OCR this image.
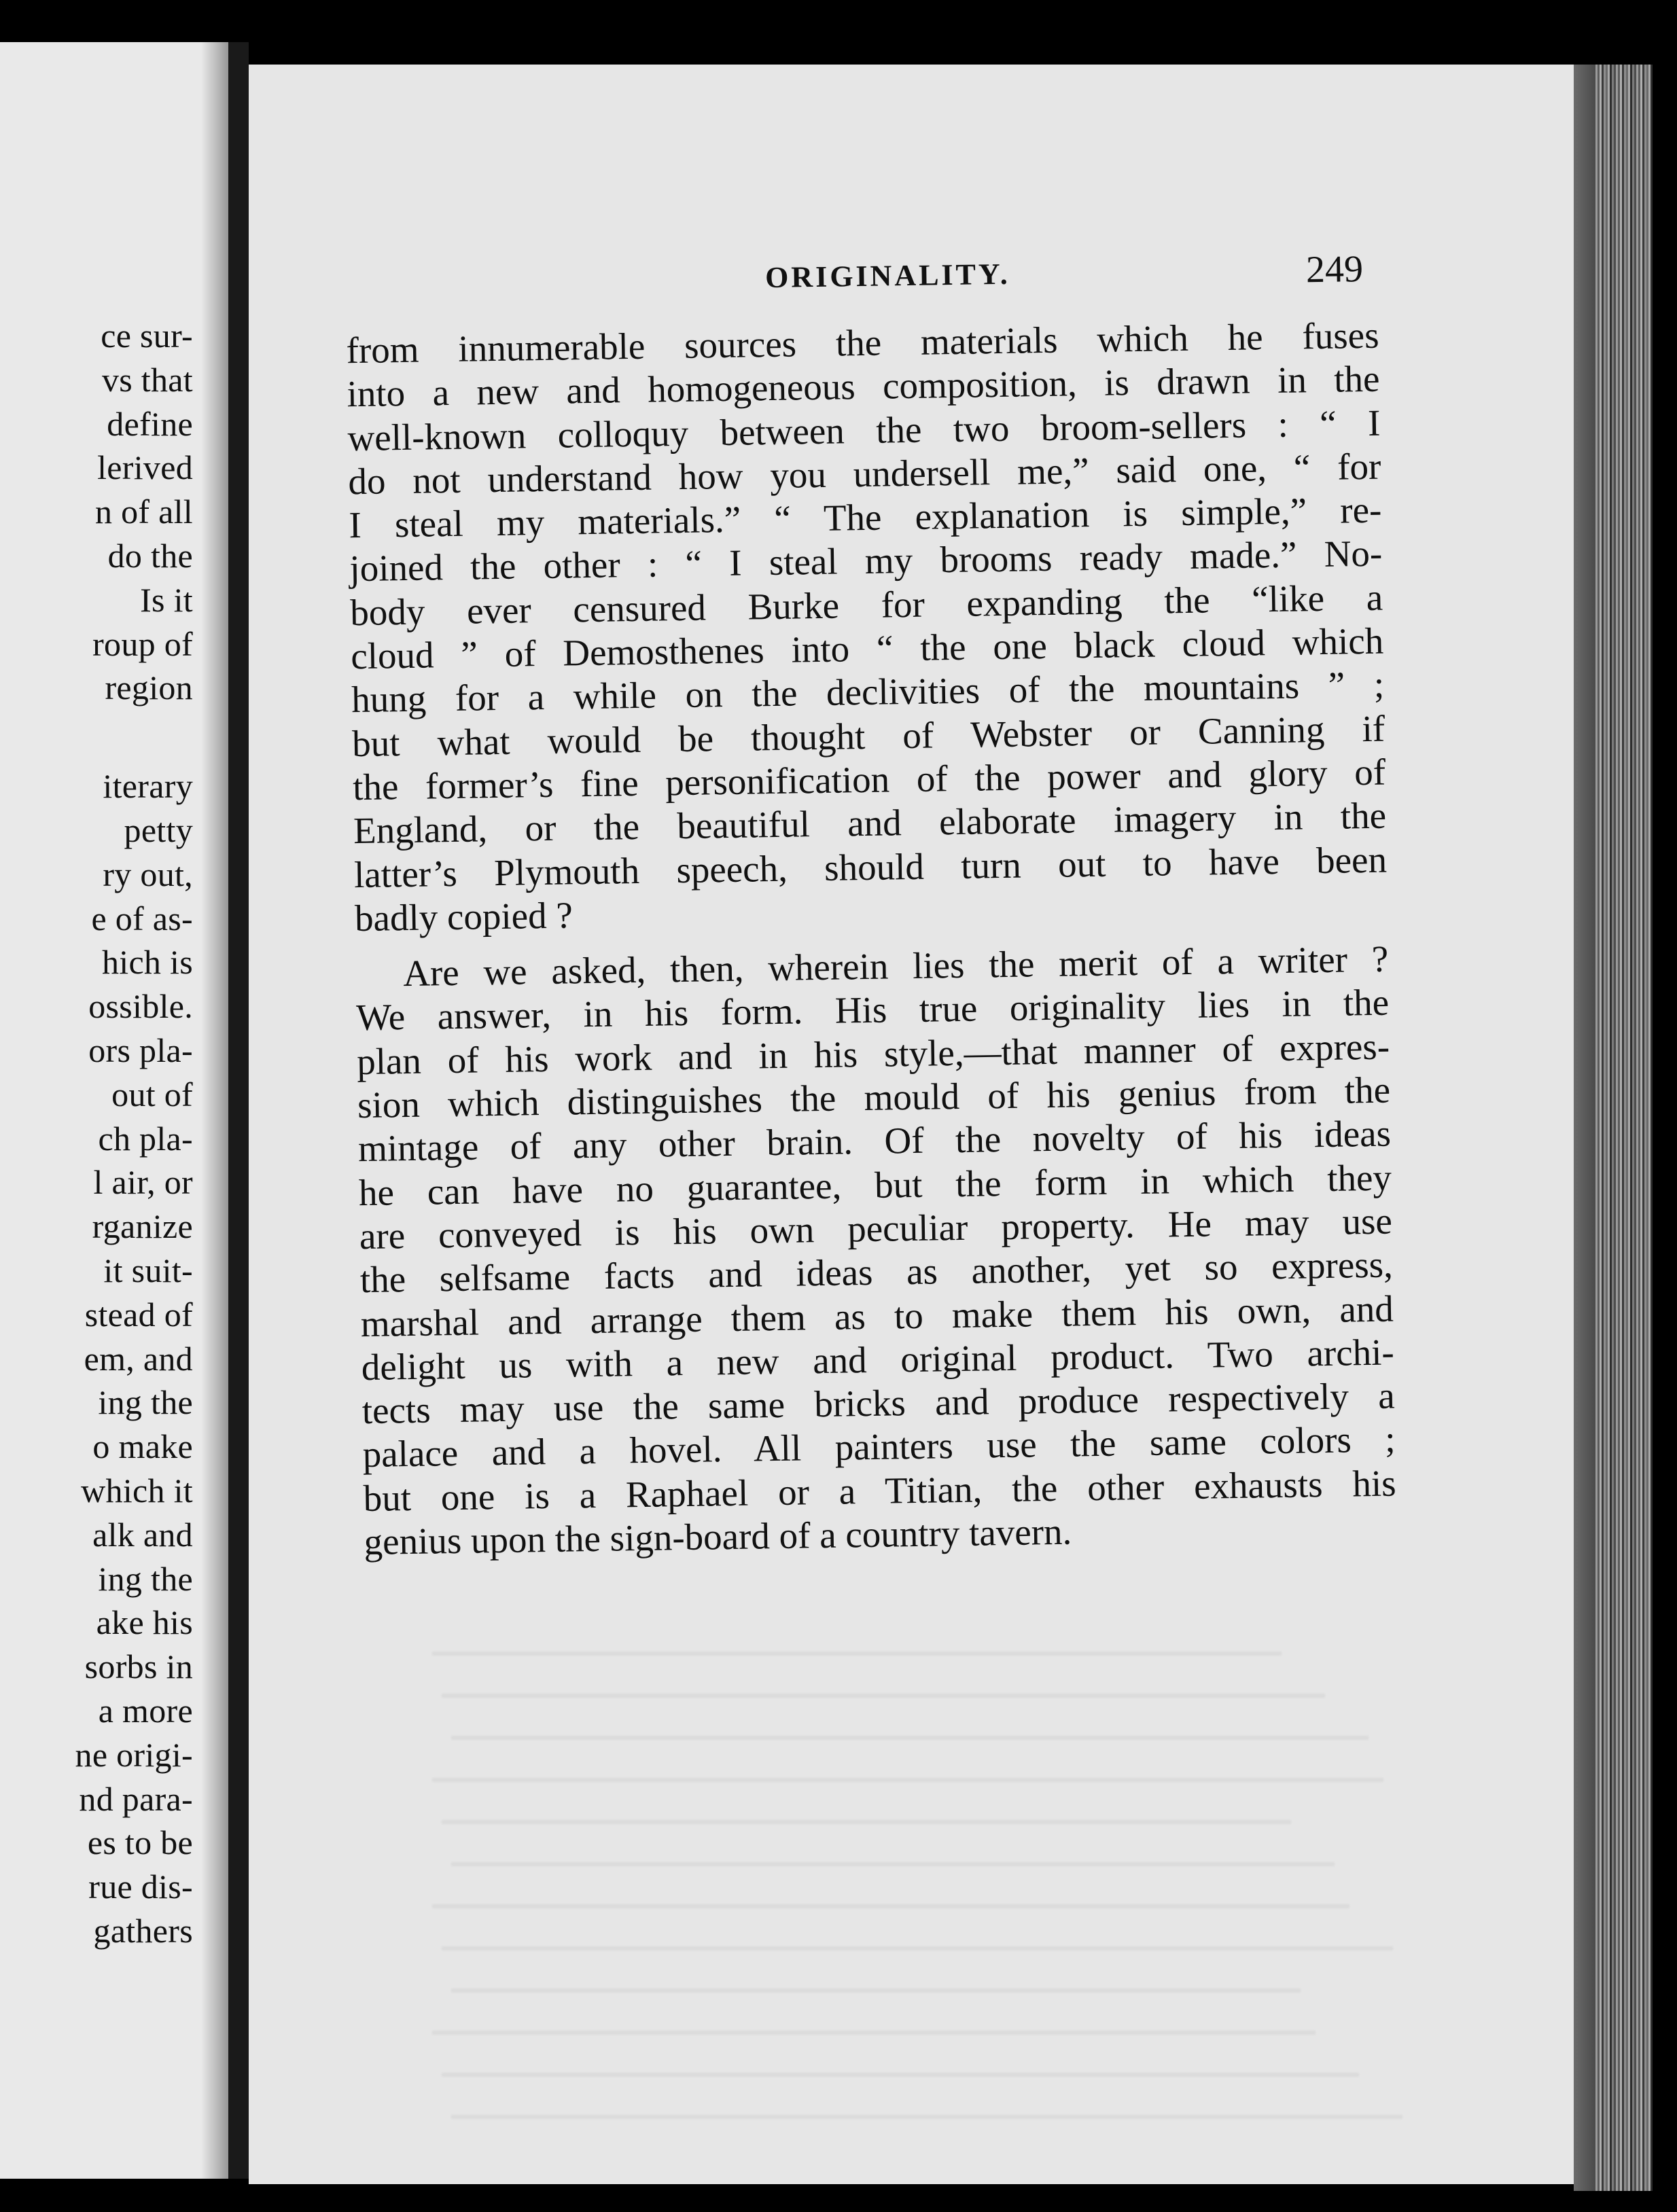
ce sur-
vs that
define
lerived
n of all
do the
Is it
roup of
region
iterary
petty
ry out,
e of as-
hich is
ossible.
ors pla-
out of
ch pla-
l air, or
rganize
it suit-
stead of
em, and
ing the
o make
which it
alk and
ing the
ake his
sorbs in
a more
ne origi-
nd para-
es to be
rue dis-
gathers
ORIGINALITY.	249
from innumerable sources the materials which he fuses
into a new and homogeneous composition, is drawn in the
well-known colloquy between the two broom-sellers : “ I
do not understand how you undersell me,” said one, “ for
I steal my materials.” “ The explanation is simple,” re-
joined the other : “ I steal my brooms ready made.” No-
body ever censured Burke for expanding the “like a
cloud ” of Demosthenes into “ the one black cloud which
hung for a while on the declivities of the mountains ” ;
but what would be thought of Webster or Canning if
the former’s fine personification of the power and glory of
England, or the beautiful and elaborate imagery in the
latter’s Plymouth speech, should turn out to have been
badly copied ?
Are we asked, then, wherein lies the merit of a writer ?
We answer, in his form. His true originality lies in the
plan of his work and in his style,—that manner of expres-
sion which distinguishes the mould of his genius from the
mintage of any other brain. Of the novelty of his ideas
he can have no guarantee, but the form in which they
are conveyed is his own peculiar property. He may use
the selfsame facts and ideas as another, yet so express,
marshal and arrange them as to make them his own, and
delight us with a new and original product. Two archi-
tects may use the same bricks and produce respectively a
palace and a hovel. All painters use the same colors ;
but one is a Raphael or a Titian, the other exhausts his
genius upon the sign-board of a country tavern.
